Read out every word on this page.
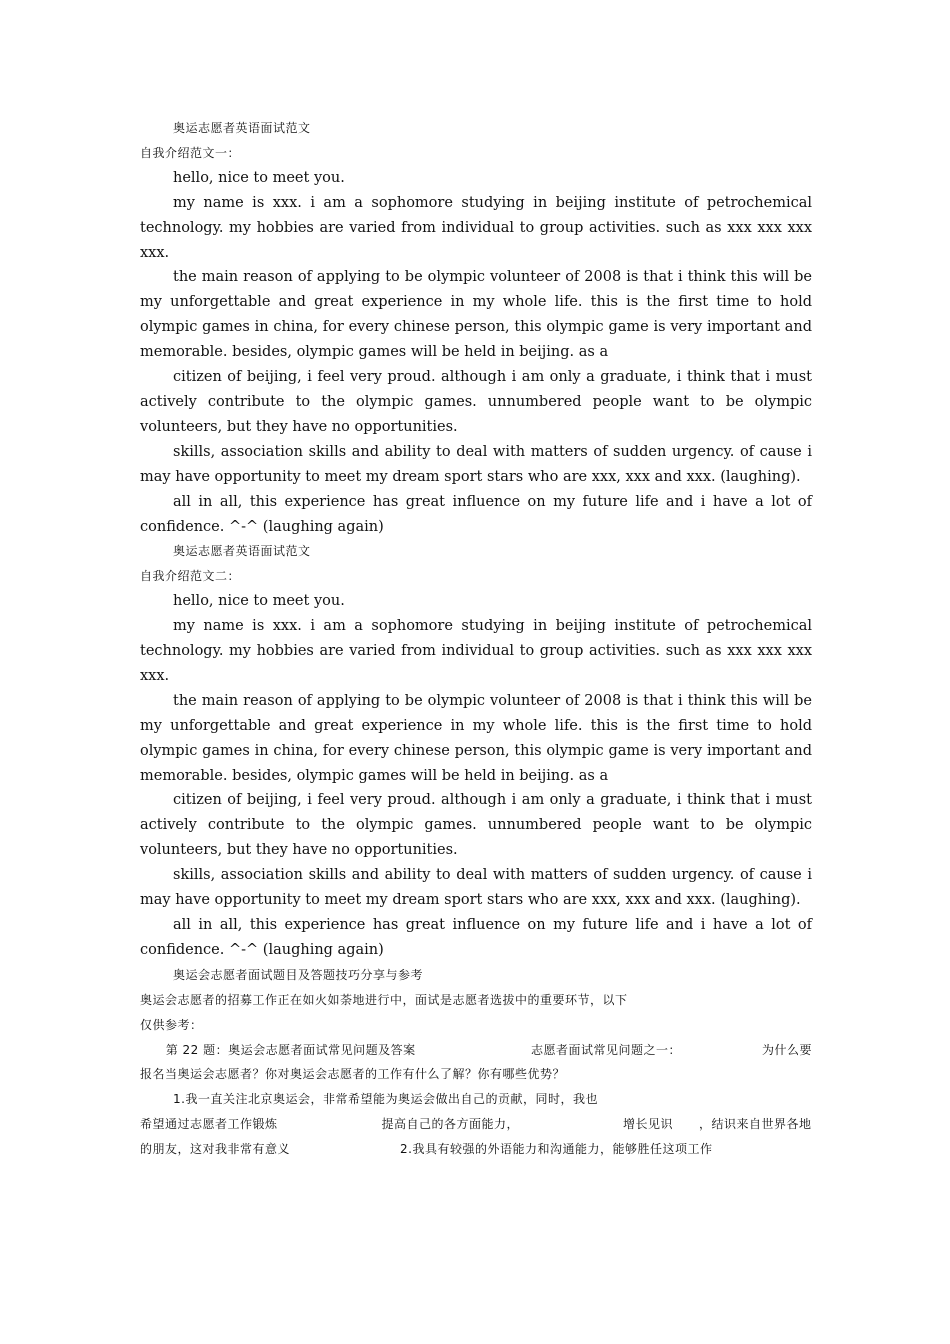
奥运志愿者英语面试范文

自我介绍范文一：

hello, nice to meet you.

my name is xxx. i am a sophomore studying in beijing institute of petrochemical technology. my hobbies are varied from individual to group activities. such as xxx xxx xxx xxx.

the main reason of applying to be olympic volunteer of 2008 is that i think this will be my unforgettable and great experience in my whole life. this is the first time to hold olympic games in china, for every chinese person, this olympic game is very important and memorable. besides, olympic games will be held in beijing. as a

citizen of beijing, i feel very proud. although i am only a graduate, i think that i must actively contribute to the olympic games. unnumbered people want to be olympic volunteers, but they have no opportunities.

skills, association skills and ability to deal with matters of sudden urgency. of cause i may have opportunity to meet my dream sport stars who are xxx, xxx and xxx. (laughing).

all in all, this experience has great influence on my future life and i have a lot of confidence. ^-^ (laughing again)

奥运志愿者英语面试范文

自我介绍范文二：

hello, nice to meet you.

my name is xxx. i am a sophomore studying in beijing institute of petrochemical technology. my hobbies are varied from individual to group activities. such as xxx xxx xxx xxx.

the main reason of applying to be olympic volunteer of 2008 is that i think this will be my unforgettable and great experience in my whole life. this is the first time to hold olympic games in china, for every chinese person, this olympic game is very important and memorable. besides, olympic games will be held in beijing. as a

citizen of beijing, i feel very proud. although i am only a graduate, i think that i must actively contribute to the olympic games. unnumbered people want to be olympic volunteers, but they have no opportunities.

skills, association skills and ability to deal with matters of sudden urgency. of cause i may have opportunity to meet my dream sport stars who are xxx, xxx and xxx. (laughing).

all in all, this experience has great influence on my future life and i have a lot of confidence. ^-^ (laughing again)

奥运会志愿者面试题目及答题技巧分享与参考

奥运会志愿者的招募工作正在如火如荼地进行中，面试是志愿者选拔中的重要环节，以下

仅供参考：

第 22 题：奥运会志愿者面试常见问题及答案	志愿者面试常见问题之一：	为什么要

报名当奥运会志愿者？你对奥运会志愿者的工作有什么了解？你有哪些优势？

1.我一直关注北京奥运会，非常希望能为奥运会做出自己的贡献，同时，我也

希望通过志愿者工作锻炼	提高自己的各方面能力，	增长见识 ，结识来自世界各地
的朋友，这对我非常有意义	2.我具有较强的外语能力和沟通能力，能够胜任这项工作
